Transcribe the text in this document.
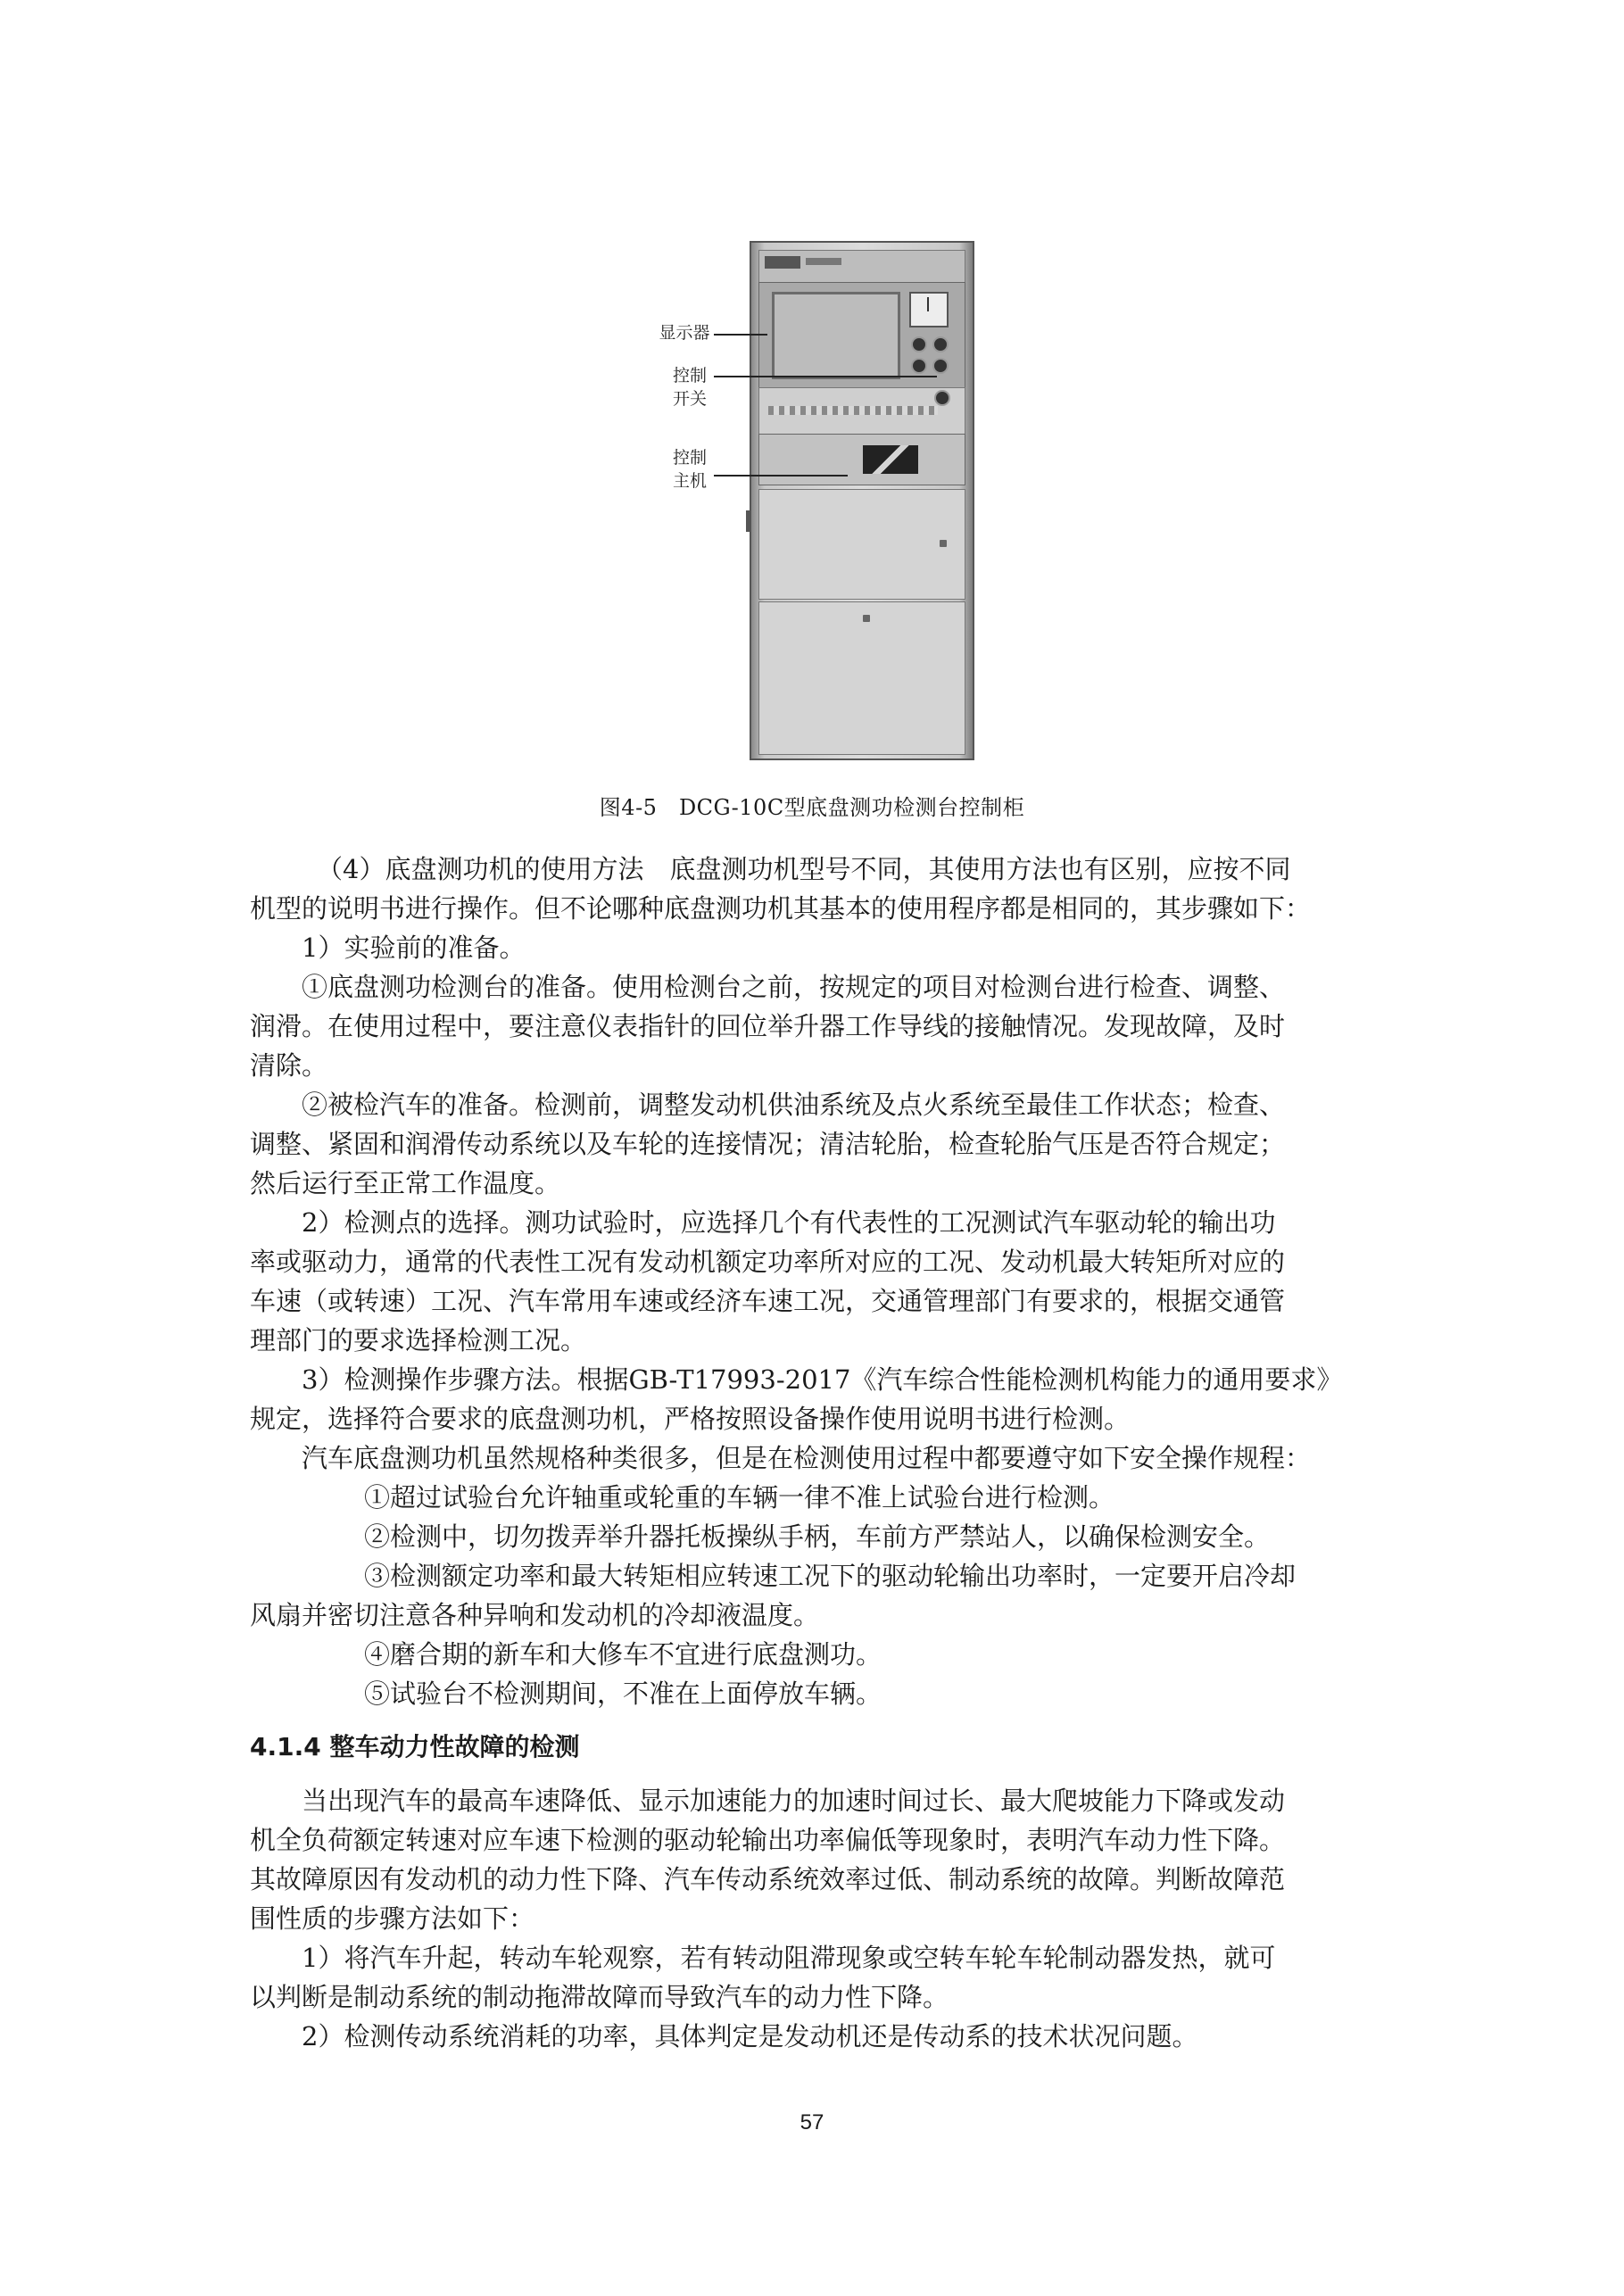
显示器
控制
开关
控制
主机
图4-5　DCG-10C型底盘测功检测台控制柜
（4）底盘测功机的使用方法　底盘测功机型号不同，其使用方法也有区别，应按不同
机型的说明书进行操作。但不论哪种底盘测功机其基本的使用程序都是相同的，其步骤如下：
1）实验前的准备。
①底盘测功检测台的准备。使用检测台之前，按规定的项目对检测台进行检查、调整、
润滑。在使用过程中，要注意仪表指针的回位举升器工作导线的接触情况。发现故障，及时
清除。
②被检汽车的准备。检测前，调整发动机供油系统及点火系统至最佳工作状态；检查、
调整、紧固和润滑传动系统以及车轮的连接情况；清洁轮胎，检查轮胎气压是否符合规定；
然后运行至正常工作温度。
2）检测点的选择。测功试验时，应选择几个有代表性的工况测试汽车驱动轮的输出功
率或驱动力，通常的代表性工况有发动机额定功率所对应的工况、发动机最大转矩所对应的
车速（或转速）工况、汽车常用车速或经济车速工况，交通管理部门有要求的，根据交通管
理部门的要求选择检测工况。
3）检测操作步骤方法。根据GB-T17993-2017《汽车综合性能检测机构能力的通用要求》
规定，选择符合要求的底盘测功机，严格按照设备操作使用说明书进行检测。
汽车底盘测功机虽然规格种类很多，但是在检测使用过程中都要遵守如下安全操作规程：
①超过试验台允许轴重或轮重的车辆一律不准上试验台进行检测。
②检测中，切勿拨弄举升器托板操纵手柄，车前方严禁站人，以确保检测安全。
③检测额定功率和最大转矩相应转速工况下的驱动轮输出功率时，一定要开启冷却
风扇并密切注意各种异响和发动机的冷却液温度。
④磨合期的新车和大修车不宜进行底盘测功。
⑤试验台不检测期间，不准在上面停放车辆。
4.1.4 整车动力性故障的检测
当出现汽车的最高车速降低、显示加速能力的加速时间过长、最大爬坡能力下降或发动
机全负荷额定转速对应车速下检测的驱动轮输出功率偏低等现象时，表明汽车动力性下降。
其故障原因有发动机的动力性下降、汽车传动系统效率过低、制动系统的故障。判断故障范
围性质的步骤方法如下：
1）将汽车升起，转动车轮观察，若有转动阻滞现象或空转车轮车轮制动器发热，就可
以判断是制动系统的制动拖滞故障而导致汽车的动力性下降。
2）检测传动系统消耗的功率，具体判定是发动机还是传动系的技术状况问题。
57
